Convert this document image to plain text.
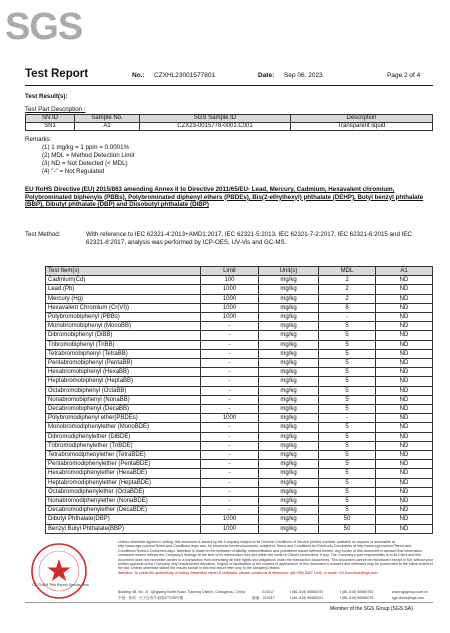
SGS
Test Report	No.: CZXHL23001577801	Date: Sep 06, 2023	Page 2 of 4
Test Result(s):
Test Part Description :
SN ID	Sample No.	SGS Sample ID	Description
SN1	A1	CZX23-0015778-0001.C001	Transparent liquid
Remarks:
(1) 1 mg/kg = 1 ppm = 0.0001%
(2) MDL = Method Detection Limit
(3) ND = Not Detected (< MDL)
(4) "-" = Not Regulated
EU RoHS Directive (EU) 2015/863 amending Annex II to Directive 2011/65/EU- Lead, Mercury, Cadmium, Hexavalent chromium, Polybrominated biphenyls (PBBs), Polybrominated diphenyl ethers (PBDEs), Bis(2-ethylhexyl) phthalate (DEHP), Butyl benzyl phthalate (BBP), Dibutyl phthalate (DBP) and Diisobutyl phthalate (DIBP)
Test Method:	With reference to IEC 62321-4:2013+AMD1:2017, IEC 62321-5:2013, IEC 62321-7-2:2017, IEC 62321-6:2015 and IEC 62321-8:2017, analysis was performed by ICP-OES, UV-Vis and GC-MS.
Test Item(s)	Limit	Unit(s)	MDL	A1
Cadmium(Cd)	100	mg/kg	2	ND
Lead (Pb)	1000	mg/kg	2	ND
Mercury (Hg)	1000	mg/kg	2	ND
Hexavalent Chromium (Cr(VI))	1000	mg/kg	8	ND
Polybromobiphenyl (PBBs)	1000	mg/kg	-	ND
Monobromobiphenyl (MonoBB)	-	mg/kg	5	ND
Dibromobiphenyl (DiBB)	-	mg/kg	5	ND
Tribromobiphenyl (TriBB)	-	mg/kg	5	ND
Tetrabromobiphenyl (TetraBB)	-	mg/kg	5	ND
Pentabromobiphenyl (PentaBB)	-	mg/kg	5	ND
Hexabromobiphenyl (HexaBB)	-	mg/kg	5	ND
Heptabromobiphenyl (HeptaBB)	-	mg/kg	5	ND
Octabromobiphenyl (OctaBB)	-	mg/kg	5	ND
Nonabromobiphenyl (NonaBB)	-	mg/kg	5	ND
Decabromobiphenyl (DecaBB)	-	mg/kg	5	ND
Polybromodiphenyl ether(PBDEs)	1000	mg/kg	-	ND
Monobromodiphenylether (MonoBDE)	-	mg/kg	5	ND
Dibromodiphenylether (DiBDE)	-	mg/kg	5	ND
Tribromodiphenylether (TriBDE)	-	mg/kg	5	ND
Tetrabromodiphenylether (TetraBDE)	-	mg/kg	5	ND
Pentabromodiphenylether (PentaBDE)	-	mg/kg	5	ND
Hexabromodiphenylether (HexaBDE)	-	mg/kg	5	ND
Heptabromodiphenylether (HeptaBDE)	-	mg/kg	5	ND
Octabromodiphenylether (OctaBDE)	-	mg/kg	5	ND
Nonabromodiphenylether (NonaBDE)	-	mg/kg	5	ND
Decabromodiphenylether (DecaBDE)	-	mg/kg	5	ND
Dibutyl Phthalate(DBP)	1000	mg/kg	50	ND
Benzyl Butyl Phthalate(BBP)	1000	mg/kg	50	ND
Unless otherwise agreed in writing, this document is issued by the Company subject to its General Conditions of Service printed overleaf, available on request or accessible at http://www.sgs.com/en/Terms-and-Conditions.aspx and, for electronic format documents, subject to Terms and Conditions for Electronic Documents at http://www.sgs.com/en/Terms-and-Conditions/Terms-e-Document.aspx. Attention is drawn to the limitation of liability, indemnification and jurisdiction issues defined therein. Any holder of this document is advised that information contained hereon reflects the Company's findings at the time of its intervention only and within the limits of Client's instructions, if any. The Company's sole responsibility is to its Client and this document does not exonerate parties to a transaction from exercising all their rights and obligations under the transaction documents. This document cannot be reproduced except in full, without prior written approval of the Company. Any unauthorized alteration, forgery or falsification of the content or appearance of this document is unlawful and offenders may be prosecuted to the fullest extent of the law. Unless otherwise stated the results shown in this test report refer only to the sample(s) tested.
Attention: To check the authenticity of testing /inspection report & certificate, please contact us at telephone: (86-755) 8307 1443, or email: CN.Doccheck@sgs.com
CZ CHEM Test Report Special Seal
Building 3B, No. 47, Qingyang North Road, Tianning District, Changzhou, China	213017	t (86–519) 85580070	f (86–519) 85580753	www.sgsgroup.com.cn
中国 · 常州 · 天宁区青洋北路47号3B号楼	邮编：213017	t (86–519) 85580021	f (86–519) 85580075	sgs.china@sgs.com
Member of the SGS Group (SGS SA)
